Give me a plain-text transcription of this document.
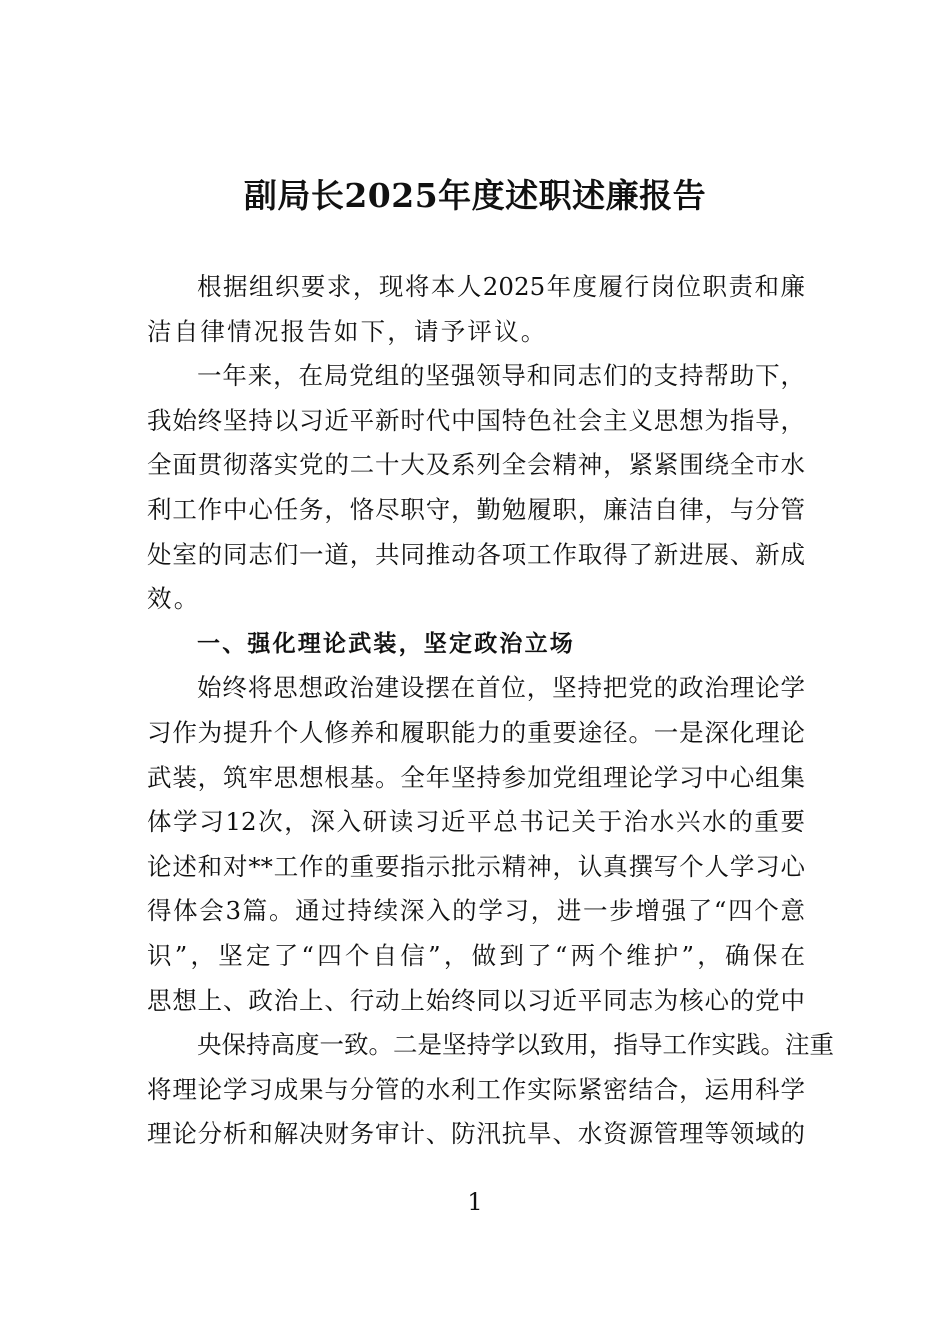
副局长2025年度述职述廉报告
根据组织要求，现将本人2025年度履行岗位职责和廉
洁自律情况报告如下，请予评议。
一年来，在局党组的坚强领导和同志们的支持帮助下，
我始终坚持以习近平新时代中国特色社会主义思想为指导，
全面贯彻落实党的二十大及系列全会精神，紧紧围绕全市水
利工作中心任务，恪尽职守，勤勉履职，廉洁自律，与分管
处室的同志们一道，共同推动各项工作取得了新进展、新成
效。
一、强化理论武装，坚定政治立场
始终将思想政治建设摆在首位，坚持把党的政治理论学
习作为提升个人修养和履职能力的重要途径。一是深化理论
武装，筑牢思想根基。全年坚持参加党组理论学习中心组集
体学习12次，深入研读习近平总书记关于治水兴水的重要
论述和对**工作的重要指示批示精神，认真撰写个人学习心
得体会3篇。通过持续深入的学习，进一步增强了“四个意
识”，坚定了“四个自信”，做到了“两个维护”，确保在
思想上、政治上、行动上始终同以习近平同志为核心的党中
央保持高度一致。二是坚持学以致用，指导工作实践。注重
将理论学习成果与分管的水利工作实际紧密结合，运用科学
理论分析和解决财务审计、防汛抗旱、水资源管理等领域的
1
